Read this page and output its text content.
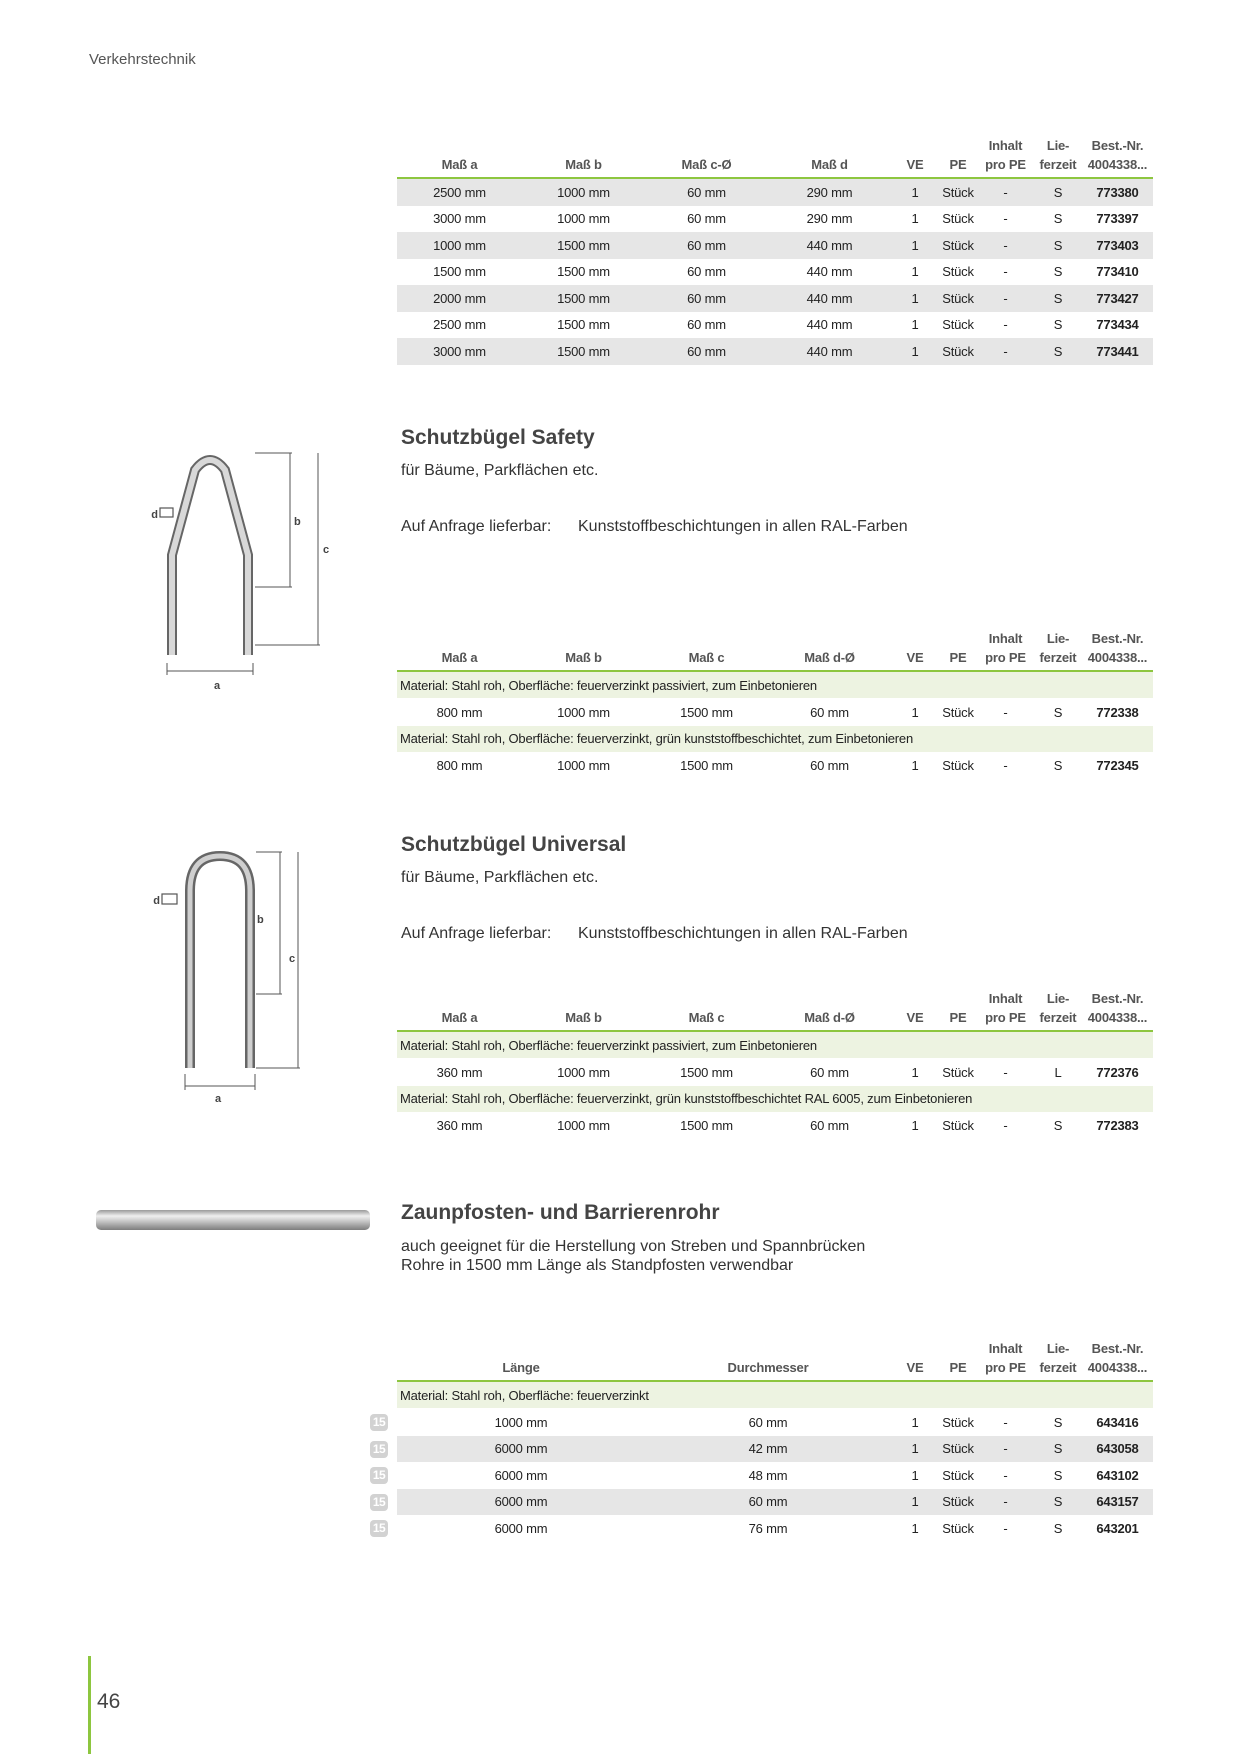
Verkehrstechnik
Maß a	Maß b	Maß c-Ø	Maß d	VE	PE	Inhalt
pro PE	Lie-
ferzeit	Best.-Nr.
4004338...
2500 mm	1000 mm	60 mm	290 mm	1	Stück	-	S	773380
3000 mm	1000 mm	60 mm	290 mm	1	Stück	-	S	773397
1000 mm	1500 mm	60 mm	440 mm	1	Stück	-	S	773403
1500 mm	1500 mm	60 mm	440 mm	1	Stück	-	S	773410
2000 mm	1500 mm	60 mm	440 mm	1	Stück	-	S	773427
2500 mm	1500 mm	60 mm	440 mm	1	Stück	-	S	773434
3000 mm	1500 mm	60 mm	440 mm	1	Stück	-	S	773441
a
b
c
d
Schutzbügel Safety
für Bäume, Parkflächen etc.
Auf Anfrage lieferbar: Kunststoffbeschichtungen in allen RAL-Farben
Maß a	Maß b	Maß c	Maß d-Ø	VE	PE	Inhalt
pro PE	Lie-
ferzeit	Best.-Nr.
4004338...
Material: Stahl roh, Oberfläche: feuerverzinkt passiviert, zum Einbetonieren								
800 mm	1000 mm	1500 mm	60 mm	1	Stück	-	S	772338
Material: Stahl roh, Oberfläche: feuerverzinkt, grün kunststoffbeschichtet, zum Einbetonieren								
800 mm	1000 mm	1500 mm	60 mm	1	Stück	-	S	772345
a
b
c
d
Schutzbügel Universal
für Bäume, Parkflächen etc.
Auf Anfrage lieferbar: Kunststoffbeschichtungen in allen RAL-Farben
Maß a	Maß b	Maß c	Maß d-Ø	VE	PE	Inhalt
pro PE	Lie-
ferzeit	Best.-Nr.
4004338...
Material: Stahl roh, Oberfläche: feuerverzinkt passiviert, zum Einbetonieren								
360 mm	1000 mm	1500 mm	60 mm	1	Stück	-	L	772376
Material: Stahl roh, Oberfläche: feuerverzinkt, grün kunststoffbeschichtet RAL 6005, zum Einbetonieren								
360 mm	1000 mm	1500 mm	60 mm	1	Stück	-	S	772383
Zaunpfosten- und Barrierenrohr
auch geeignet für die Herstellung von Streben und Spannbrücken
Rohre in 1500 mm Länge als Standpfosten verwendbar
Länge	Durchmesser	VE	PE	Inhalt
pro PE	Lie-
ferzeit	Best.-Nr.
4004338...
Material: Stahl roh, Oberfläche: feuerverzinkt						

15 1000 mm	60 mm	1	Stück	-	S	643416

15 6000 mm	42 mm	1	Stück	-	S	643058

15 6000 mm	48 mm	1	Stück	-	S	643102

15 6000 mm	60 mm	1	Stück	-	S	643157

15 6000 mm	76 mm	1	Stück	-	S	643201
46
